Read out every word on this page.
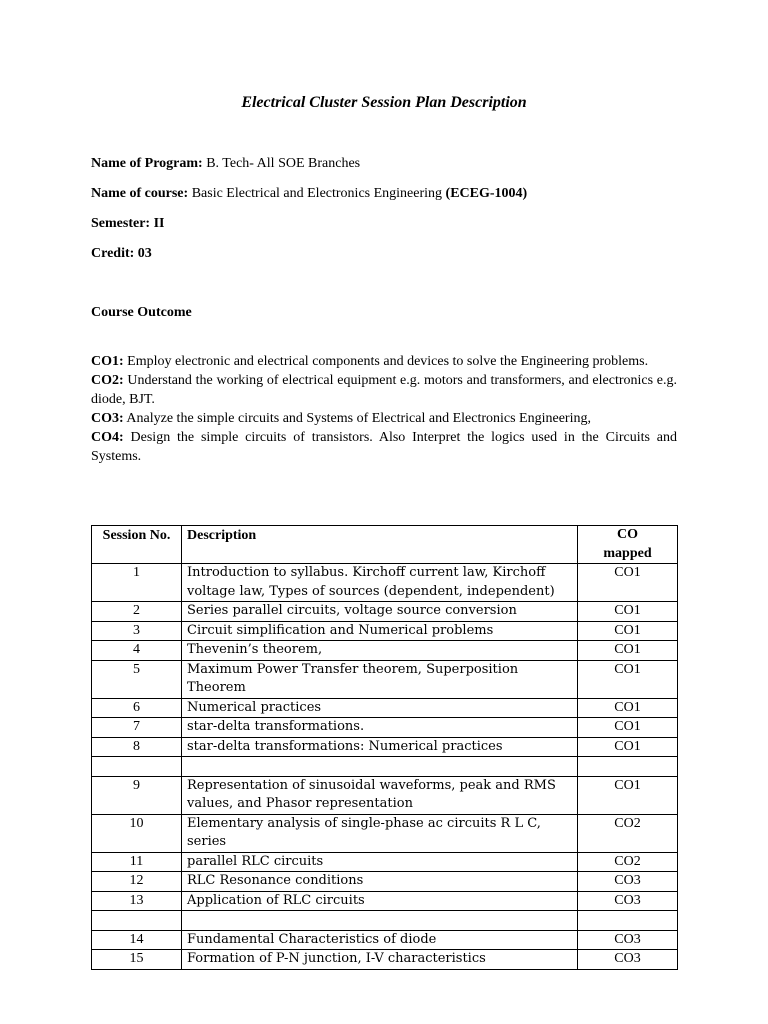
Electrical Cluster Session Plan Description
Name of Program: B. Tech- All SOE Branches
Name of course: Basic Electrical and Electronics Engineering (ECEG-1004)
Semester: II
Credit: 03
Course Outcome

CO1: Employ electronic and electrical components and devices to solve the Engineering problems.

CO2: Understand the working of electrical equipment e.g. motors and transformers, and electronics e.g. diode, BJT.

CO3: Analyze the simple circuits and Systems of Electrical and Electronics Engineering,

CO4: Design the simple circuits of transistors. Also Interpret the logics used in the Circuits and Systems.

Session No.	Description	CO mapped
1	Introduction to syllabus. Kirchoff current law, Kirchoff voltage law, Types of sources (dependent, independent)	CO1
2	Series parallel circuits, voltage source conversion	CO1
3	Circuit simplification and Numerical problems	CO1
4	Thevenin’s theorem,	CO1
5	Maximum Power Transfer theorem, Superposition Theorem	CO1
6	Numerical practices	CO1
7	star-delta transformations.	CO1
8	star-delta transformations: Numerical practices	CO1

9	Representation of sinusoidal waveforms, peak and RMS values, and Phasor representation	CO1
10	Elementary analysis of single-phase ac circuits R L C, series	CO2
11	parallel RLC circuits	CO2
12	RLC Resonance conditions	CO3
13	Application of RLC circuits	CO3

14	Fundamental Characteristics of diode	CO3
15	Formation of P-N junction, I-V characteristics	CO3
